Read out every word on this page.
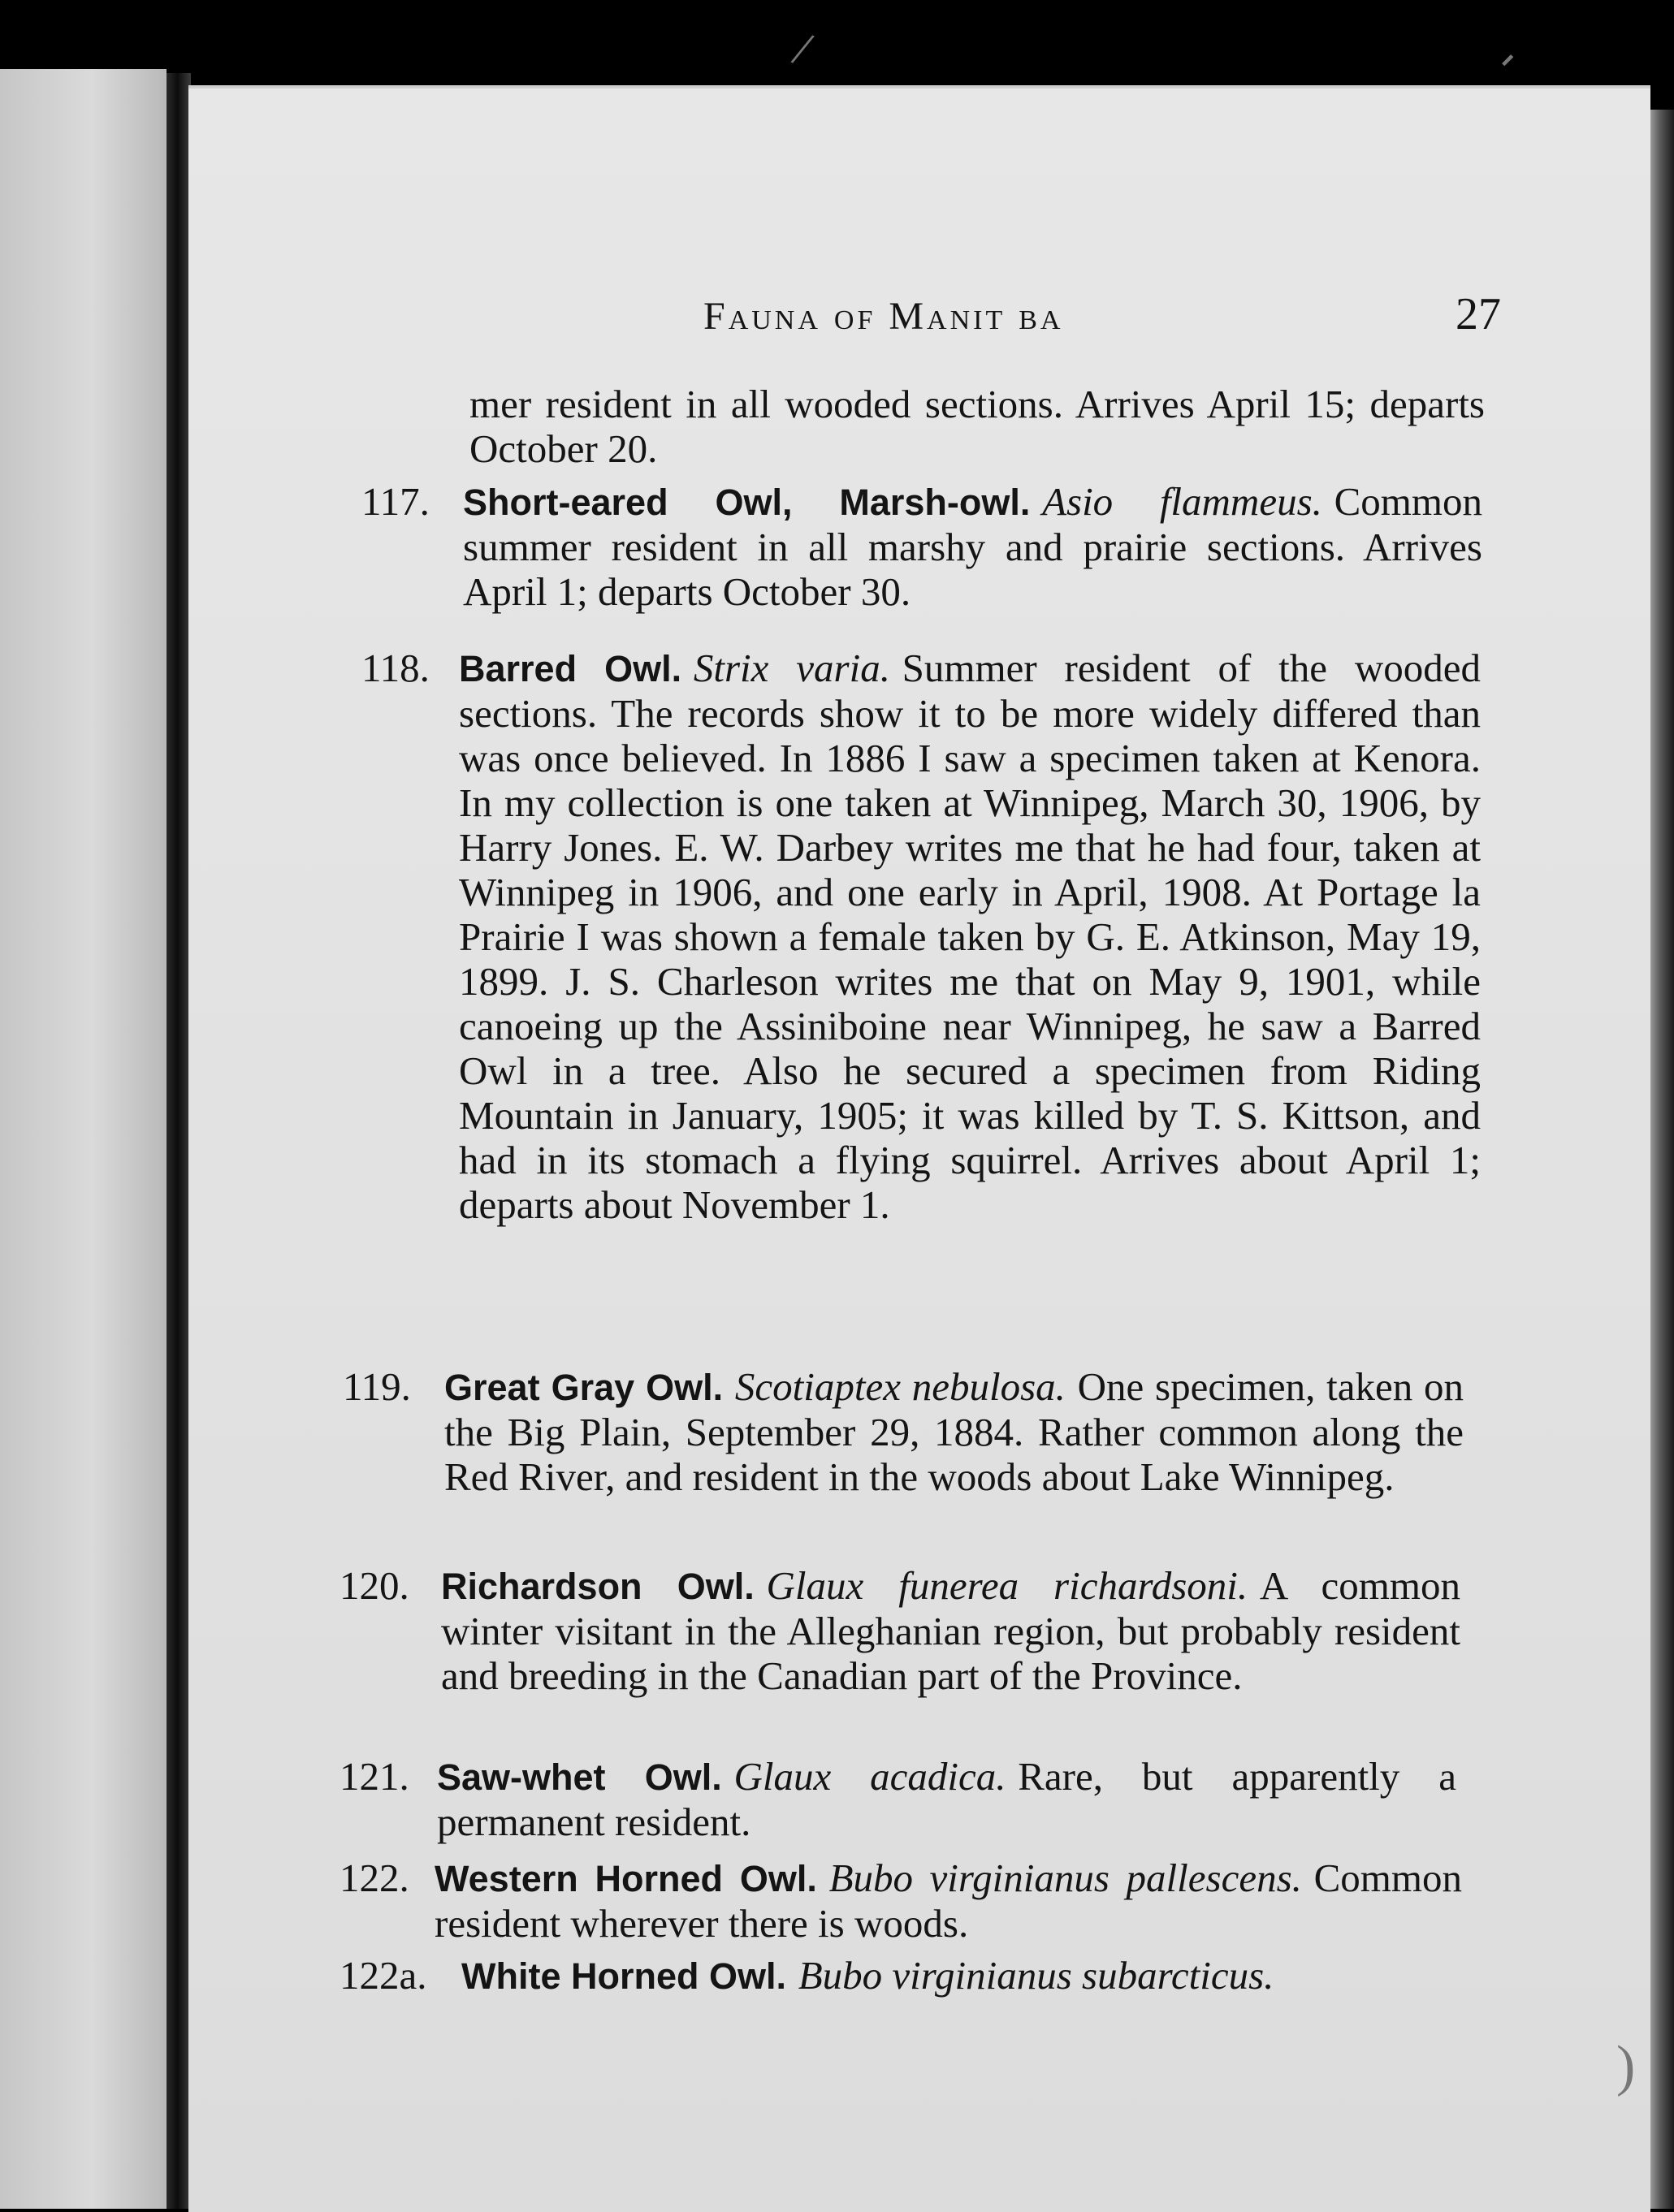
/	-
)
Fauna of Manit ba	27
mer resident in all wooded sections. Arrives April 15; departs October 20.
117. Short-eared Owl, Marsh-owl. Asio flammeus. Common summer resident in all marshy and prairie sections. Arrives April 1; departs October 30.
118. Barred Owl. Strix varia. Summer resident of the wooded sections. The records show it to be more widely differed than was once believed. In 1886 I saw a specimen taken at Kenora. In my collection is one taken at Winnipeg, March 30, 1906, by Harry Jones. E. W. Darbey writes me that he had four, taken at Winnipeg in 1906, and one early in April, 1908. At Portage la Prairie I was shown a female taken by G. E. Atkinson, May 19, 1899. J. S. Charleson writes me that on May 9, 1901, while canoeing up the Assiniboine near Winnipeg, he saw a Barred Owl in a tree. Also he secured a specimen from Riding Mountain in January, 1905; it was killed by T. S. Kittson, and had in its stomach a flying squirrel. Arrives about April 1; departs about November 1.
119. Great Gray Owl. Scotiaptex nebulosa. One specimen, taken on the Big Plain, September 29, 1884. Rather common along the Red River, and resident in the woods about Lake Winnipeg.
120. Richardson Owl. Glaux funerea richardsoni. A common winter visitant in the Alleghanian region, but probably resident and breeding in the Canadian part of the Province.
121. Saw-whet Owl. Glaux acadica. Rare, but apparently a permanent resident.
122. Western Horned Owl. Bubo virginianus pallescens. Common resident wherever there is woods.
122a. White Horned Owl. Bubo virginianus subarcticus.
